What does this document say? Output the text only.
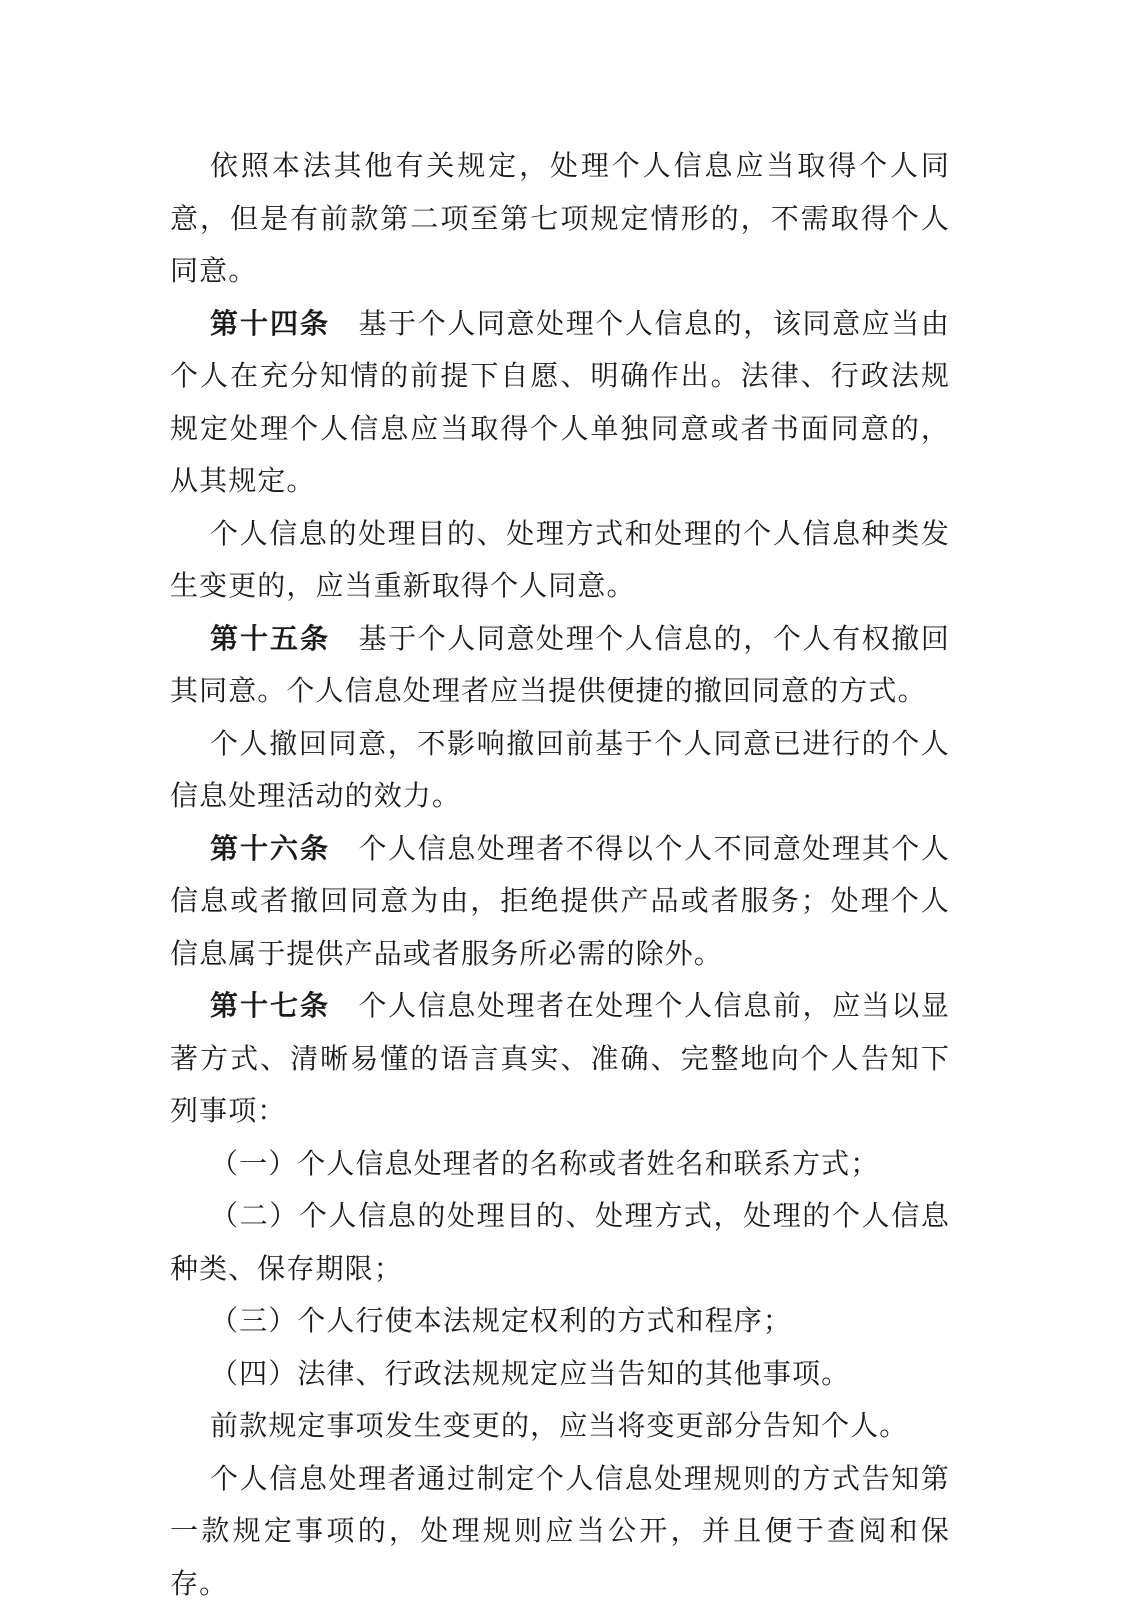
依照本法其他有关规定，处理个人信息应当取得个人同意，但是有前款第二项至第七项规定情形的，不需取得个人同意。

第十四条 基于个人同意处理个人信息的，该同意应当由个人在充分知情的前提下自愿、明确作出。法律、行政法规规定处理个人信息应当取得个人单独同意或者书面同意的，从其规定。

个人信息的处理目的、处理方式和处理的个人信息种类发生变更的，应当重新取得个人同意。

第十五条 基于个人同意处理个人信息的，个人有权撤回其同意。个人信息处理者应当提供便捷的撤回同意的方式。

个人撤回同意，不影响撤回前基于个人同意已进行的个人信息处理活动的效力。

第十六条 个人信息处理者不得以个人不同意处理其个人信息或者撤回同意为由，拒绝提供产品或者服务；处理个人信息属于提供产品或者服务所必需的除外。

第十七条 个人信息处理者在处理个人信息前，应当以显著方式、清晰易懂的语言真实、准确、完整地向个人告知下列事项：

（一）个人信息处理者的名称或者姓名和联系方式；

（二）个人信息的处理目的、处理方式，处理的个人信息种类、保存期限；

（三）个人行使本法规定权利的方式和程序；

（四）法律、行政法规规定应当告知的其他事项。

前款规定事项发生变更的，应当将变更部分告知个人。

个人信息处理者通过制定个人信息处理规则的方式告知第一款规定事项的，处理规则应当公开，并且便于查阅和保存。
